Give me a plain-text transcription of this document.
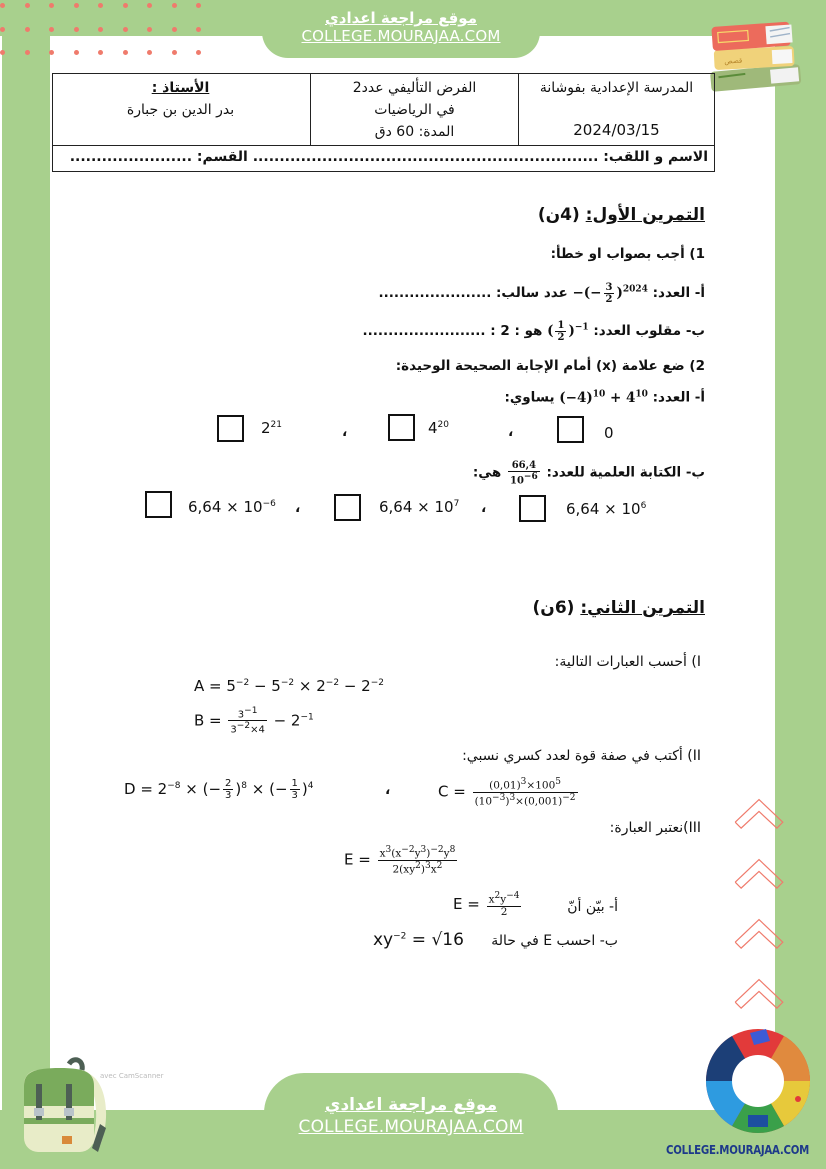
موقع مراجعة اعدادي
COLLEGE.MOURAJAA.COM
ﻗﺼﺺ
المدرسة الإعدادية بفوشانة
2024/03/15
الفرض التأليفي عدد2
في الرياضيات
المدة: 60 دق
الأستاذ :
بدر الدين بن جبارة
الاسم و اللقب: ................................................................. القسم: .......................
التمرين الأول: (4ن)
1) أجب بصواب او خطأ:
أ- العدد: −(− $\frac{3}{2} )^{2024}$ عدد سالب: ......................
ب- مقلوب العدد: ( $\frac{1}{2} )^{-1}$ هو : 2 : ........................
2) ضع علامة (x) أمام الإجابة الصحيحة الوحيدة:
أ- العدد: $(-4)^{10} + 4^{10}$ يساوي:
0
،
$4^{20}$
،
$2^{21}$
ب- الكتابة العلمية للعدد:
$\frac{66,4}{10^{-6}}$
هي:
$6,64 \times 10^6$
،
$6,64 \times 10^7$
،
$6,64 \times 10^{-6}$
التمرين الثاني: (6ن)
I) أحسب العبارات التالية:
$A = 5^{-2} - 5^{-2} \times 2^{-2} - 2^{-2}$
$B = \frac{3^{-1}}{3^{-2}\times 4} - 2^{-1}$
II) أكتب في صفة قوة لعدد كسري نسبي:
$C = \frac{(0,01)^3\times 100^5}{(10^{-3})^3\times(0,001)^{-2}}$
،
$D = 2^{-8}$ × (− $\frac{2}{3} )^8$ × (− $\frac{1}{3} )^4$
III)نعتبر العبارة:
$E = \frac{x^3(x^{-2}y^3)^{-2}y^8}{2(xy^2)^3x^2}$
أ- بيّن أنّ
$E = \frac{x^2y^{-4}}{2}$
ب- احسب E في حالة
$xy^{-2} = √16$
avec CamScanner
موقع مراجعة اعدادي
COLLEGE.MOURAJAA.COM
COLLEGE.MOURAJAA.COM
